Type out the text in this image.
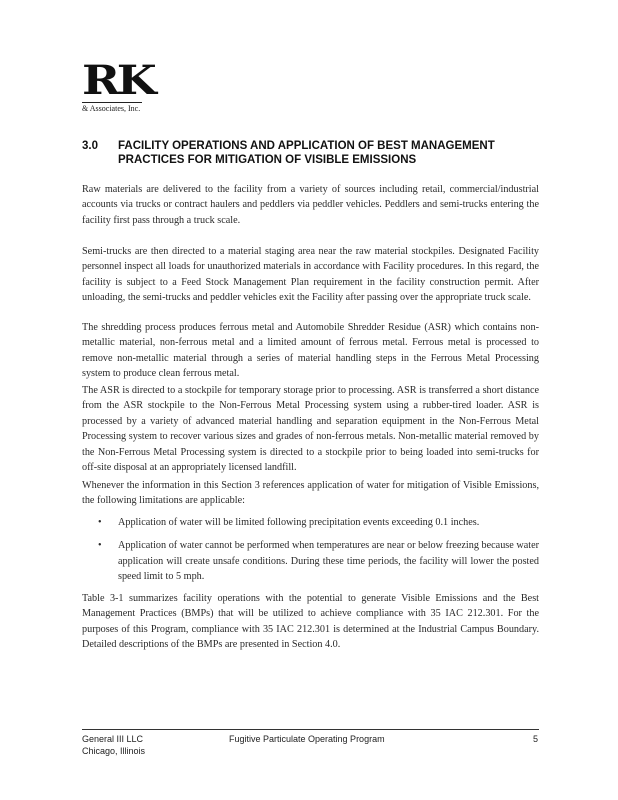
RK
& Associates, Inc.
3.0 FACILITY OPERATIONS AND APPLICATION OF BEST MANAGEMENT PRACTICES FOR MITIGATION OF VISIBLE EMISSIONS

Raw materials are delivered to the facility from a variety of sources including retail, commercial/industrial accounts via trucks or contract haulers and peddlers via peddler vehicles. Peddlers and semi-trucks entering the facility first pass through a truck scale.

Semi-trucks are then directed to a material staging area near the raw material stockpiles. Designated Facility personnel inspect all loads for unauthorized materials in accordance with Facility procedures. In this regard, the facility is subject to a Feed Stock Management Plan requirement in the facility construction permit. After unloading, the semi-trucks and peddler vehicles exit the Facility after passing over the appropriate truck scale.

The shredding process produces ferrous metal and Automobile Shredder Residue (ASR) which contains non-metallic material, non-ferrous metal and a limited amount of ferrous metal. Ferrous metal is processed to remove non-metallic material through a series of material handling steps in the Ferrous Metal Processing system to produce clean ferrous metal.

The ASR is directed to a stockpile for temporary storage prior to processing. ASR is transferred a short distance from the ASR stockpile to the Non-Ferrous Metal Processing system using a rubber-tired loader. ASR is processed by a variety of advanced material handling and separation equipment in the Non-Ferrous Metal Processing system to recover various sizes and grades of non-ferrous metals. Non-metallic material removed by the Non-Ferrous Metal Processing system is directed to a stockpile prior to being loaded into semi-trucks for off-site disposal at an appropriately licensed landfill.

Whenever the information in this Section 3 references application of water for mitigation of Visible Emissions, the following limitations are applicable:

• Application of water will be limited following precipitation events exceeding 0.1 inches.
• Application of water cannot be performed when temperatures are near or below freezing because water application will create unsafe conditions. During these time periods, the facility will lower the posted speed limit to 5 mph.

Table 3-1 summarizes facility operations with the potential to generate Visible Emissions and the Best Management Practices (BMPs) that will be utilized to achieve compliance with 35 IAC 212.301. For the purposes of this Program, compliance with 35 IAC 212.301 is determined at the Industrial Campus Boundary. Detailed descriptions of the BMPs are presented in Section 4.0.

General III LLC
Chicago, Illinois
Fugitive Particulate Operating Program	5
